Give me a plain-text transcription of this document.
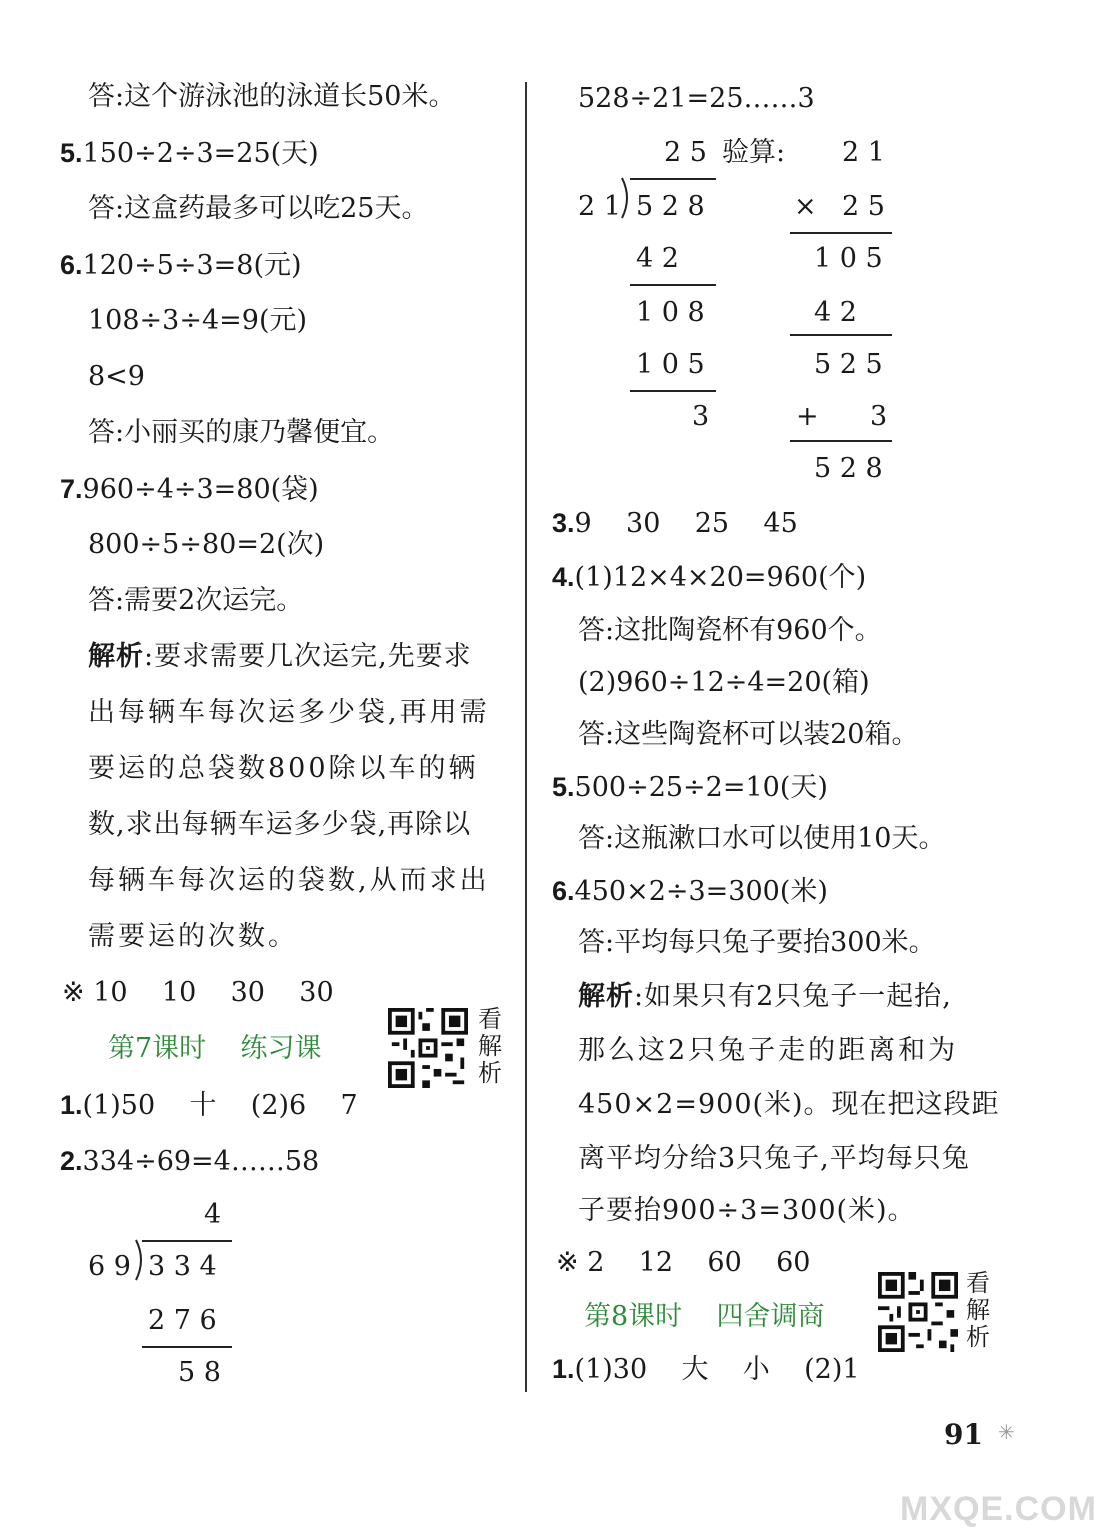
答:这个游泳池的泳道长50米。
5.150÷2÷3=25(天)
答:这盒药最多可以吃25天。
6.120÷5÷3=8(元)
108÷3÷4=9(元)
8<9
答:小丽买的康乃馨便宜。
7.960÷4÷3=80(袋)
800÷5÷80=2(次)
答:需要2次运完。
解析:要求需要几次运完,先要求
出每辆车每次运多少袋,再用需
要运的总袋数800除以车的辆
数,求出每辆车运多少袋,再除以
每辆车每次运的袋数,从而求出
需要运的次数。
※ 10    10    30    30
第7课时    练习课
看
解
析
1.(1)50    十    (2)6    7
2.334÷69=4……58
4
6 9 3 3 4
2 7 6
5 8
528÷21=25……3
2 5 验算:
2 1 5 2 8
4 2
1 0 8
1 0 5
3
2 1
× 2 5
1 0 5
4 2
5 2 5
+ 3
5 2 8
3.9    30    25    45
4.(1)12×4×20=960(个)
答:这批陶瓷杯有960个。
(2)960÷12÷4=20(箱)
答:这些陶瓷杯可以装20箱。
5.500÷25÷2=10(天)
答:这瓶漱口水可以使用10天。
6.450×2÷3=300(米)
答:平均每只兔子要抬300米。
解析:如果只有2只兔子一起抬,
那么这2只兔子走的距离和为
450×2=900(米)。现在把这段距
离平均分给3只兔子,平均每只兔
子要抬900÷3=300(米)。
※ 2    12    60    60
第8课时    四舍调商
看
解
析
1.(1)30    大    小    (2)1
91 ✳
MXQE.COM
